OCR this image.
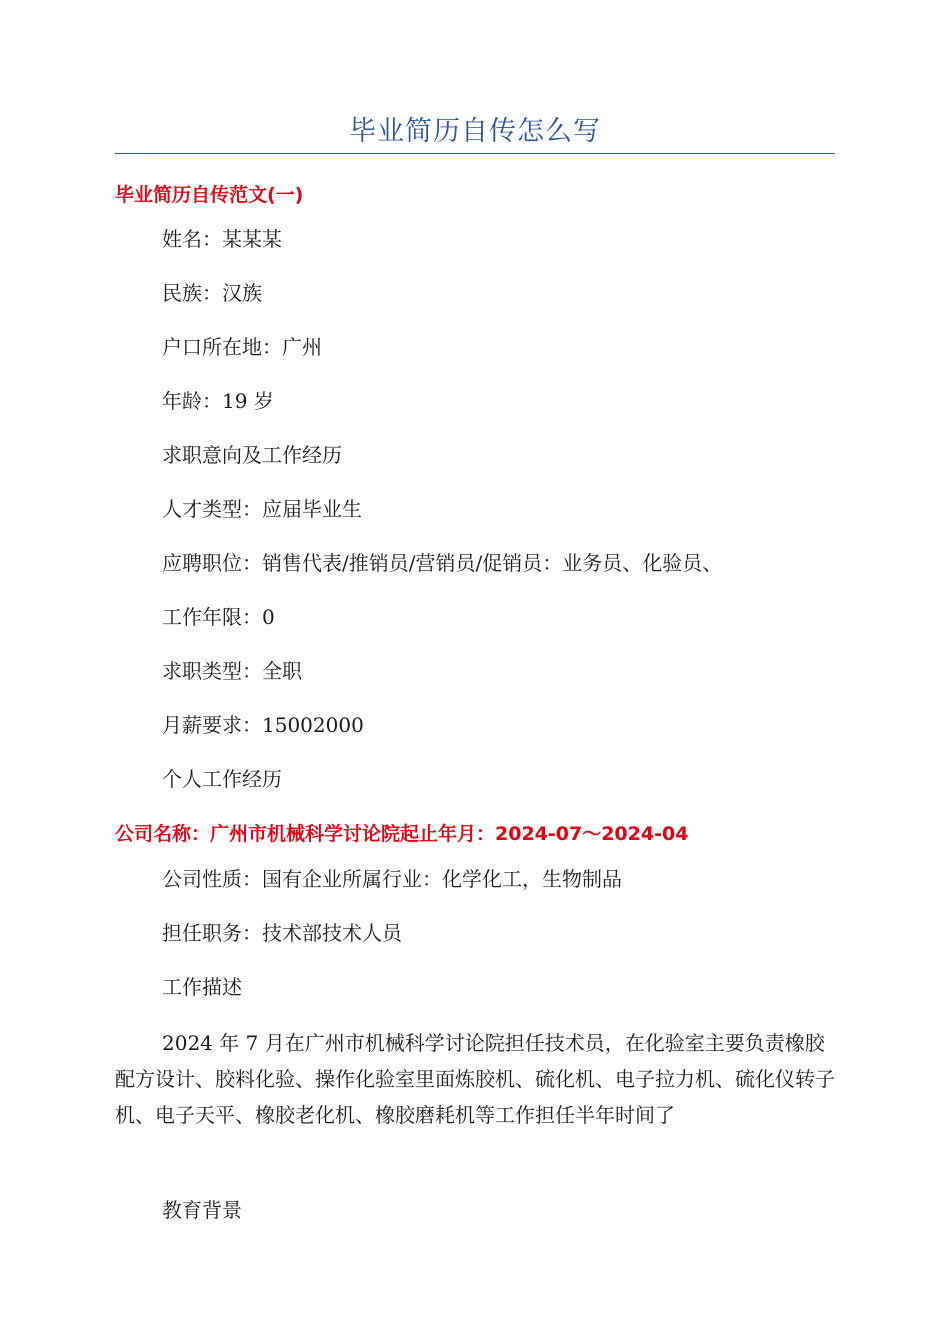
毕业简历自传怎么写
毕业简历自传范文(一)
姓名：某某某
民族：汉族
户口所在地：广州
年龄：19 岁
求职意向及工作经历
人才类型：应届毕业生
应聘职位：销售代表/推销员/营销员/促销员：业务员、化验员、
工作年限：0
求职类型：全职
月薪要求：15002000
个人工作经历
公司名称：广州市机械科学讨论院起止年月：2024-07～2024-04
公司性质：国有企业所属行业：化学化工，生物制品
担任职务：技术部技术人员
工作描述

2024 年 7 月在广州市机械科学讨论院担任技术员，在化验室主要负责橡胶配方设计、胶料化验、操作化验室里面炼胶机、硫化机、电子拉力机、硫化仪转子机、电子天平、橡胶老化机、橡胶磨耗机等工作担任半年时间了

教育背景
